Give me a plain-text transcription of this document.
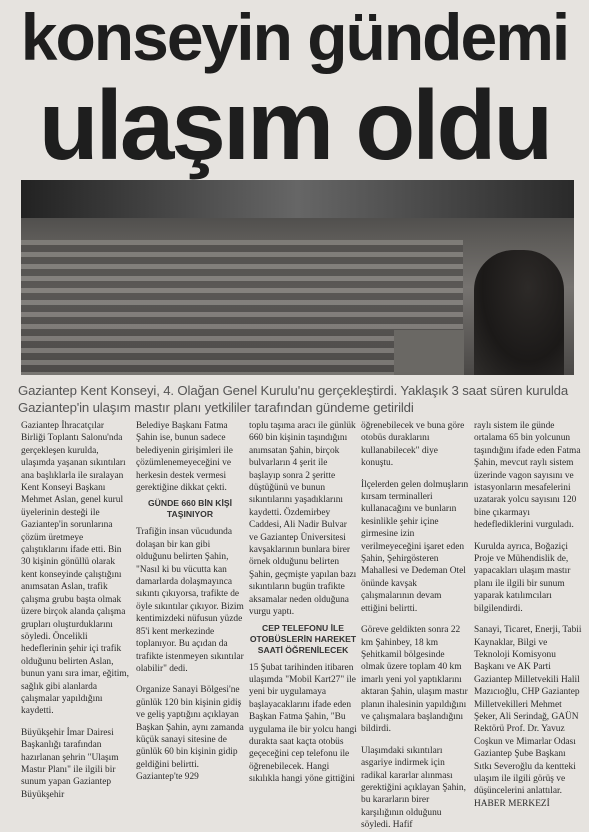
konseyin gündemi
ulaşım oldu
Gaziantep Kent Konseyi, 4. Olağan Genel Kurulu'nu gerçekleştirdi. Yaklaşık 3 saat süren kurulda Gaziantep'in ulaşım mastır planı yetkililer tarafından gündeme getirildi

Gaziantep İhracatçılar Birliği Toplantı Salonu'nda gerçekleşen kurulda, ulaşımda yaşanan sıkıntıları ana başlıklarla ile sıralayan Kent Konseyi Başkanı Mehmet Aslan, genel kurul üyelerinin desteği ile Gaziantep'in sorunlarına çözüm üretmeye çalıştıklarını ifade etti. Bin 30 kişinin gönüllü olarak kent konseyinde çalıştığını anımsatan Aslan, trafik çalışma grubu başta olmak üzere birçok alanda çalışma grupları oluşturduklarını söyledi. Öncelikli hedeflerinin şehir içi trafik olduğunu belirten Aslan, bunun yanı sıra imar, eğitim, sağlık gibi alanlarda çalışmalar yapıldığını kaydetti.

Büyükşehir İmar Dairesi Başkanlığı tarafından hazırlanan şehrin "Ulaşım Mastır Planı" ile ilgili bir sunum yapan Gaziantep Büyükşehir

Belediye Başkanı Fatma Şahin ise, bunun sadece belediyenin girişimleri ile çözümlenemeyeceğini ve herkesin destek vermesi gerektiğine dikkat çekti.

GÜNDE 660 BİN KİŞİ TAŞINIYOR

Trafiğin insan vücudunda dolaşan bir kan gibi olduğunu belirten Şahin, "Nasıl ki bu vücutta kan damarlarda dolaşmayınca sıkıntı çıkıyorsa, trafikte de öyle sıkıntılar çıkıyor. Bizim kentimizdeki nüfusun yüzde 85'i kent merkezinde toplanıyor. Bu açıdan da trafikte istenmeyen sıkıntılar olabilir" dedi.

Organize Sanayi Bölgesi'ne günlük 120 bin kişinin gidiş ve geliş yaptığını açıklayan Başkan Şahin, aynı zamanda küçük sanayi sitesine de günlük 60 bin kişinin gidip geldiğini belirtti. Gaziantep'te 929

toplu taşıma aracı ile günlük 660 bin kişinin taşındığını anımsatan Şahin, birçok bulvarların 4 şerit ile başlayıp sonra 2 şeritte düştüğünü ve bunun sıkıntılarını yaşadıklarını kaydetti. Özdemirbey Caddesi, Ali Nadir Bulvar ve Gaziantep Üniversitesi kavşaklarının bunlara birer örnek olduğunu belirten Şahin, geçmişte yapılan bazı sıkıntıların bugün trafikte aksamalar neden olduğuna vurgu yaptı.

CEP TELEFONU İLE OTOBÜSLERİN HAREKET SAATİ ÖĞRENİLECEK

15 Şubat tarihinden itibaren ulaşımda "Mobil Kart27" ile yeni bir uygulamaya başlayacaklarını ifade eden Başkan Fatma Şahin, "Bu uygulama ile bir yolcu hangi durakta saat kaçta otobüs geçeceğini cep telefonu ile öğrenebilecek. Hangi sıkılıkla hangi yöne gittiğini

öğrenebilecek ve buna göre otobüs duraklarını kullanabilecek" diye konuştu.

İlçelerden gelen dolmuşların kırsam terminalleri kullanacağını ve bunların kesinlikle şehir içine girmesine izin verilmeyeceğini işaret eden Şahin, Şehirgösteren Mahallesi ve Dedeman Otel önünde kavşak çalışmalarının devam ettiğini belirtti.

Göreve geldikten sonra 22 km Şahinbey, 18 km Şehitkamil bölgesinde olmak üzere toplam 40 km imarlı yeni yol yaptıklarını aktaran Şahin, ulaşım mastır planın ihalesinin yapıldığını ve çalışmalara başlandığını bildirdi.

Ulaşımdaki sıkıntıları asgariye indirmek için radikal kararlar alınması gerektiğini açıklayan Şahin, bu kararların birer karşılığının olduğunu söyledi. Hafif

raylı sistem ile günde ortalama 65 bin yolcunun taşındığını ifade eden Fatma Şahin, mevcut raylı sistem üzerinde vagon sayısını ve istasyonların mesafelerini uzatarak yolcu sayısını 120 bine çıkarmayı hedeflediklerini vurguladı.

Kurulda ayrıca, Boğaziçi Proje ve Mühendislik de, yapacakları ulaşım mastır planı ile ilgili bir sunum yaparak katılımcıları bilgilendirdi.

Sanayi, Ticaret, Enerji, Tabii Kaynaklar, Bilgi ve Teknoloji Komisyonu Başkanı ve AK Parti Gaziantep Milletvekili Halil Mazıcıoğlu, CHP Gaziantep Milletvekilleri Mehmet Şeker, Ali Serindağ, GAÜN Rektörü Prof. Dr. Yavuz Coşkun ve Mimarlar Odası Gaziantep Şube Başkanı Sıtkı Severoğlu da kentteki ulaşım ile ilgili görüş ve düşüncelerini anlattılar. HABER MERKEZİ
